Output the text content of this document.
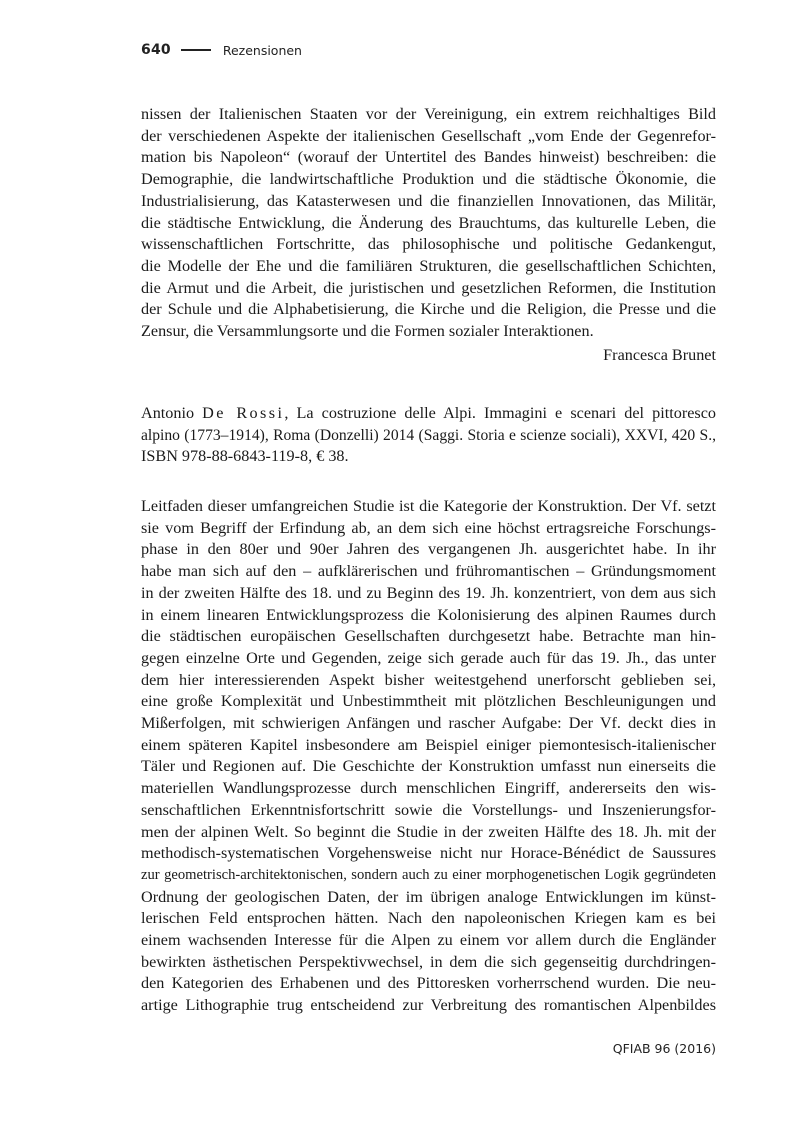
640	Rezensionen

nissen der Italienischen Staaten vor der Vereinigung, ein extrem reichhaltiges Bild

der verschiedenen Aspekte der italienischen Gesellschaft „vom Ende der Gegenrefor-

mation bis Napoleon“ (worauf der Untertitel des Bandes hinweist) beschreiben: die

Demographie, die landwirtschaftliche Produktion und die städtische Ökonomie, die

Industrialisierung, das Katasterwesen und die finanziellen Innovationen, das Militär,

die städtische Entwicklung, die Änderung des Brauchtums, das kulturelle Leben, die

wissenschaftlichen Fortschritte, das philosophische und politische Gedankengut,

die Modelle der Ehe und die familiären Strukturen, die gesellschaftlichen Schichten,

die Armut und die Arbeit, die juristischen und gesetzlichen Reformen, die Institution

der Schule und die Alphabetisierung, die Kirche und die Religion, die Presse und die

Zensur, die Versammlungsorte und die Formen sozialer Interaktionen.

Francesca Brunet

Antonio De Rossi, La costruzione delle Alpi. Immagini e scenari del pittoresco

alpino (1773–1914), Roma (Donzelli) 2014 (Saggi. Storia e scienze sociali), XXVI, 420 S.,

ISBN 978-88-6843-119-8, € 38.

Leitfaden dieser umfangreichen Studie ist die Kategorie der Konstruktion. Der Vf. setzt

sie vom Begriff der Erfindung ab, an dem sich eine höchst ertragsreiche Forschungs-

phase in den 80er und 90er Jahren des vergangenen Jh. ausgerichtet habe. In ihr

habe man sich auf den – aufklärerischen und frühromantischen – Gründungsmoment

in der zweiten Hälfte des 18. und zu Beginn des 19. Jh. konzentriert, von dem aus sich

in einem linearen Entwicklungsprozess die Kolonisierung des alpinen Raumes durch

die städtischen europäischen Gesellschaften durchgesetzt habe. Betrachte man hin-

gegen einzelne Orte und Gegenden, zeige sich gerade auch für das 19. Jh., das unter

dem hier interessierenden Aspekt bisher weitestgehend unerforscht geblieben sei,

eine große Komplexität und Unbestimmtheit mit plötzlichen Beschleunigungen und

Mißerfolgen, mit schwierigen Anfängen und rascher Aufgabe: Der Vf. deckt dies in

einem späteren Kapitel insbesondere am Beispiel einiger piemontesisch-italienischer

Täler und Regionen auf. Die Geschichte der Konstruktion umfasst nun einerseits die

materiellen Wandlungsprozesse durch menschlichen Eingriff, andererseits den wis-

senschaftlichen Erkenntnisfortschritt sowie die Vorstellungs- und Inszenierungsfor-

men der alpinen Welt. So beginnt die Studie in der zweiten Hälfte des 18. Jh. mit der

methodisch-systematischen Vorgehensweise nicht nur Horace-Bénédict de Saussures

zur geometrisch-architektonischen, sondern auch zu einer morphogenetischen Logik gegründeten

Ordnung der geologischen Daten, der im übrigen analoge Entwicklungen im künst-

lerischen Feld entsprochen hätten. Nach den napoleonischen Kriegen kam es bei

einem wachsenden Interesse für die Alpen zu einem vor allem durch die Engländer

bewirkten ästhetischen Perspektivwechsel, in dem die sich gegenseitig durchdringen-

den Kategorien des Erhabenen und des Pittoresken vorherrschend wurden. Die neu-

artige Lithographie trug entscheidend zur Verbreitung des romantischen Alpenbildes

QFIAB 96 (2016)
